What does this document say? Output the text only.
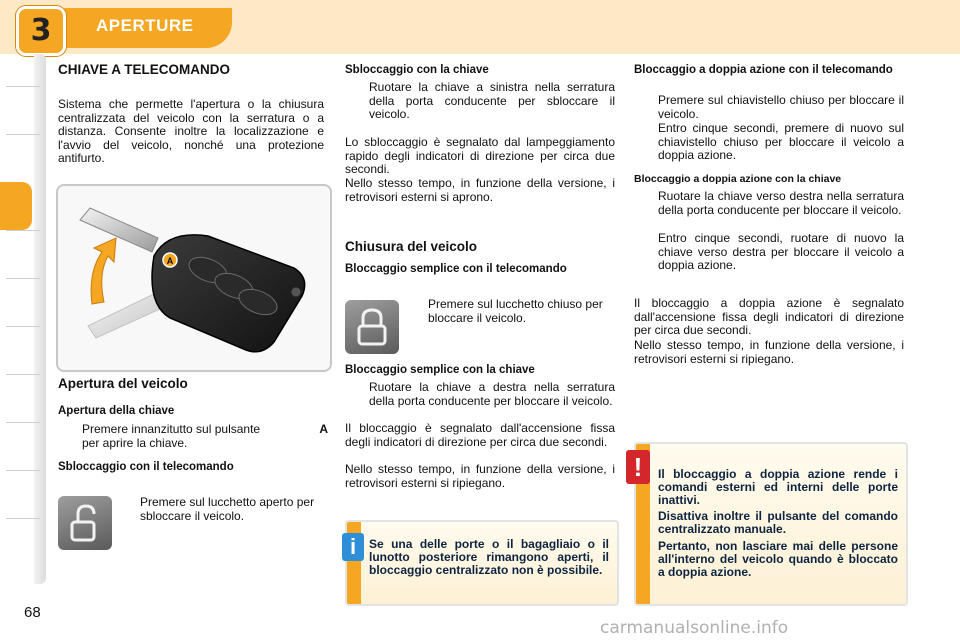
3	APERTURE
68
CHIAVE A TELECOMANDO
Sistema che permette l'apertura o la chiusura centralizzata del veicolo con la serratura o a distanza. Consente inoltre la localizzazione e l'avvio del veicolo, nonché una protezione antifurto.
A
Apertura del veicolo
Apertura della chiave
Premere innanzitutto sul pulsante	A

per aprire la chiave.
Sbloccaggio con il telecomando
Premere sul lucchetto aperto per sbloccare il veicolo.
Sbloccaggio con la chiave
Ruotare la chiave a sinistra nella serratura della porta conducente per sbloccare il veicolo.
Lo sbloccaggio è segnalato dal lampeggiamento rapido degli indicatori di direzione per circa due secondi.
Nello stesso tempo, in funzione della versione, i retrovisori esterni si aprono.
Chiusura del veicolo
Bloccaggio semplice con il telecomando
Premere sul lucchetto chiuso per bloccare il veicolo.
Bloccaggio semplice con la chiave
Ruotare la chiave a destra nella serratura della porta conducente per bloccare il veicolo.
Il bloccaggio è segnalato dall'accensione fissa degli indicatori di direzione per circa due secondi.
Nello stesso tempo, in funzione della versione, i retrovisori esterni si ripiegano.
Se una delle porte o il bagagliaio o il lunotto posteriore rimangono aperti, il bloccaggio centralizzato non è possibile.
i
Bloccaggio a doppia azione con il telecomando
Premere sul chiavistello chiuso per bloccare il veicolo.
Entro cinque secondi, premere di nuovo sul chiavistello chiuso per bloccare il veicolo a doppia azione.
Bloccaggio a doppia azione con la chiave
Ruotare la chiave verso destra nella serratura della porta conducente per bloccare il veicolo.
Entro cinque secondi, ruotare di nuovo la chiave verso destra per bloccare il veicolo a doppia azione.
Il bloccaggio a doppia azione è segnalato dall'accensione fissa degli indicatori di direzione per circa due secondi.
Nello stesso tempo, in funzione della versione, i retrovisori esterni si ripiegano.
Il bloccaggio a doppia azione rende i comandi esterni ed interni delle porte inattivi.
Disattiva inoltre il pulsante del comando centralizzato manuale.
Pertanto, non lasciare mai delle persone all'interno del veicolo quando è bloccato a doppia azione.
!
carmanualsonline.info
